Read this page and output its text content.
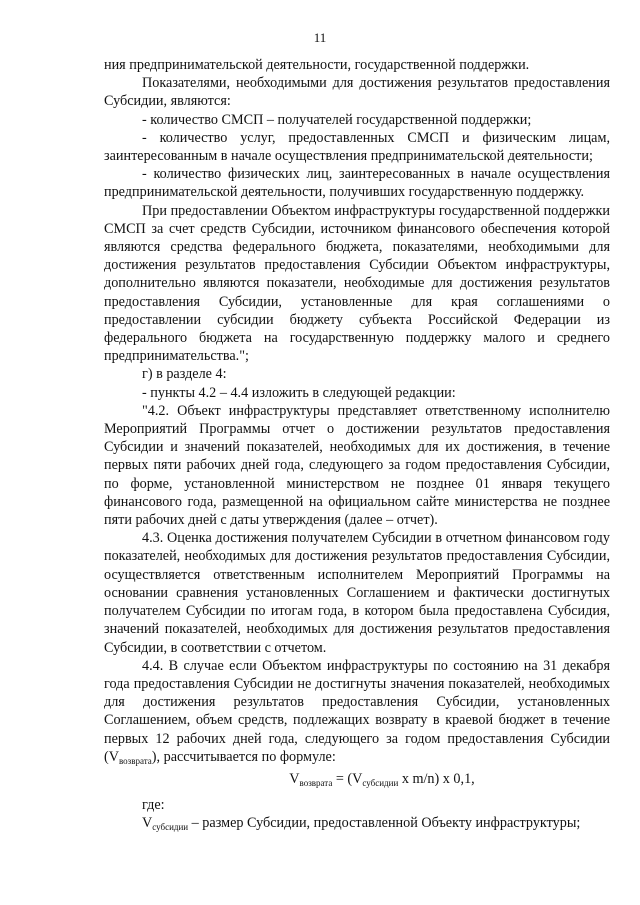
11

ния предпринимательской деятельности, государственной поддержки.

Показателями, необходимыми для достижения результатов предоставления Субсидии, являются:

- количество СМСП – получателей государственной поддержки;

- количество услуг, предоставленных СМСП и физическим лицам, заинтересованным в начале осуществления предпринимательской деятельности;

- количество физических лиц, заинтересованных в начале осуществления предпринимательской деятельности, получивших государственную поддержку.

При предоставлении Объектом инфраструктуры государственной поддержки СМСП за счет средств Субсидии, источником финансового обеспечения которой являются средства федерального бюджета, показателями, необходимыми для достижения результатов предоставления Субсидии Объектом инфраструктуры, дополнительно являются показатели, необходимые для достижения результатов предоставления Субсидии, установленные для края соглашениями о предоставлении субсидии бюджету субъекта Российской Федерации из федерального бюджета на государственную поддержку малого и среднего предпринимательства.";

г) в разделе 4:

- пункты 4.2 – 4.4 изложить в следующей редакции:

"4.2. Объект инфраструктуры представляет ответственному исполнителю Мероприятий Программы отчет о достижении результатов предоставления Субсидии и значений показателей, необходимых для их достижения, в течение первых пяти рабочих дней года, следующего за годом предоставления Субсидии, по форме, установленной министерством не позднее 01 января текущего финансового года, размещенной на официальном сайте министерства не позднее пяти рабочих дней с даты утверждения (далее – отчет).

4.3. Оценка достижения получателем Субсидии в отчетном финансовом году показателей, необходимых для достижения результатов предоставления Субсидии, осуществляется ответственным исполнителем Мероприятий Программы на основании сравнения установленных Соглашением и фактически достигнутых получателем Субсидии по итогам года, в котором была предоставлена Субсидия, значений показателей, необходимых для достижения результатов предоставления Субсидии, в соответствии с отчетом.

4.4. В случае если Объектом инфраструктуры по состоянию на 31 декабря года предоставления Субсидии не достигнуты значения показателей, необходимых для достижения результатов предоставления Субсидии, установленных Соглашением, объем средств, подлежащих возврату в краевой бюджет в течение первых 12 рабочих дней года, следующего за годом предоставления Субсидии $(V_{возврата})$, рассчитывается по формуле:

$V_{возврата} = (V_{субсидии}$ x m/n) x 0,1,

где:

$V_{субсидии}$ – размер Субсидии, предоставленной Объекту инфраструктуры;
